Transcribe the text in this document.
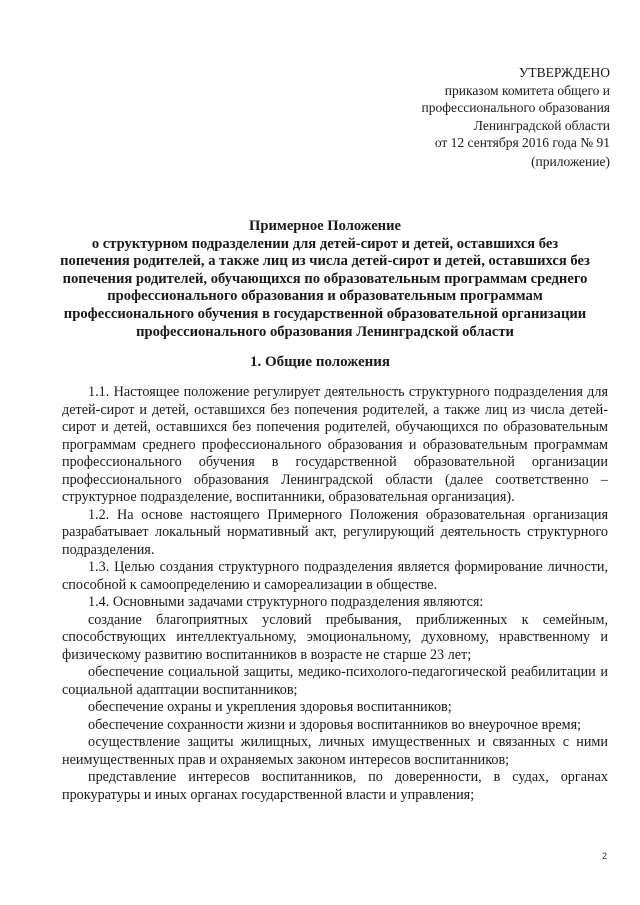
УТВЕРЖДЕНО
приказом комитета общего и
профессионального образования
Ленинградской области
от 12 сентября 2016 года № 91
(приложение)
Примерное Положение
о структурном подразделении для детей-сирот и детей, оставшихся без
попечения родителей, а также лиц из числа детей-сирот и детей, оставшихся без
попечения родителей, обучающихся по образовательным программам среднего
профессионального образования и образовательным программам
профессионального обучения в государственной образовательной организации
профессионального образования Ленинградской области
1. Общие положения

1.1. Настоящее положение регулирует деятельность структурного подразделения для детей-сирот и детей, оставшихся без попечения родителей, а также лиц из числа детей-сирот и детей, оставшихся без попечения родителей, обучающихся по образовательным программам среднего профессионального образования и образовательным программам профессионального обучения в государственной образовательной организации профессионального образования Ленинградской области (далее соответственно – структурное подразделение, воспитанники, образовательная организация).

1.2. На основе настоящего Примерного Положения образовательная организация разрабатывает локальный нормативный акт, регулирующий деятельность структурного подразделения.

1.3. Целью создания структурного подразделения является формирование личности, способной к самоопределению и самореализации в обществе.

1.4. Основными задачами структурного подразделения являются:

создание благоприятных условий пребывания, приближенных к семейным, способствующих интеллектуальному, эмоциональному, духовному, нравственному и физическому развитию воспитанников в возрасте не старше 23 лет;

обеспечение социальной защиты, медико-психолого-педагогической реабилитации и социальной адаптации воспитанников;

обеспечение охраны и укрепления здоровья воспитанников;

обеспечение сохранности жизни и здоровья воспитанников во внеурочное время;

осуществление защиты жилищных, личных имущественных и связанных с ними неимущественных прав и охраняемых законом интересов воспитанников;

представление интересов воспитанников, по доверенности, в судах, органах прокуратуры и иных органах государственной власти и управления;

2
